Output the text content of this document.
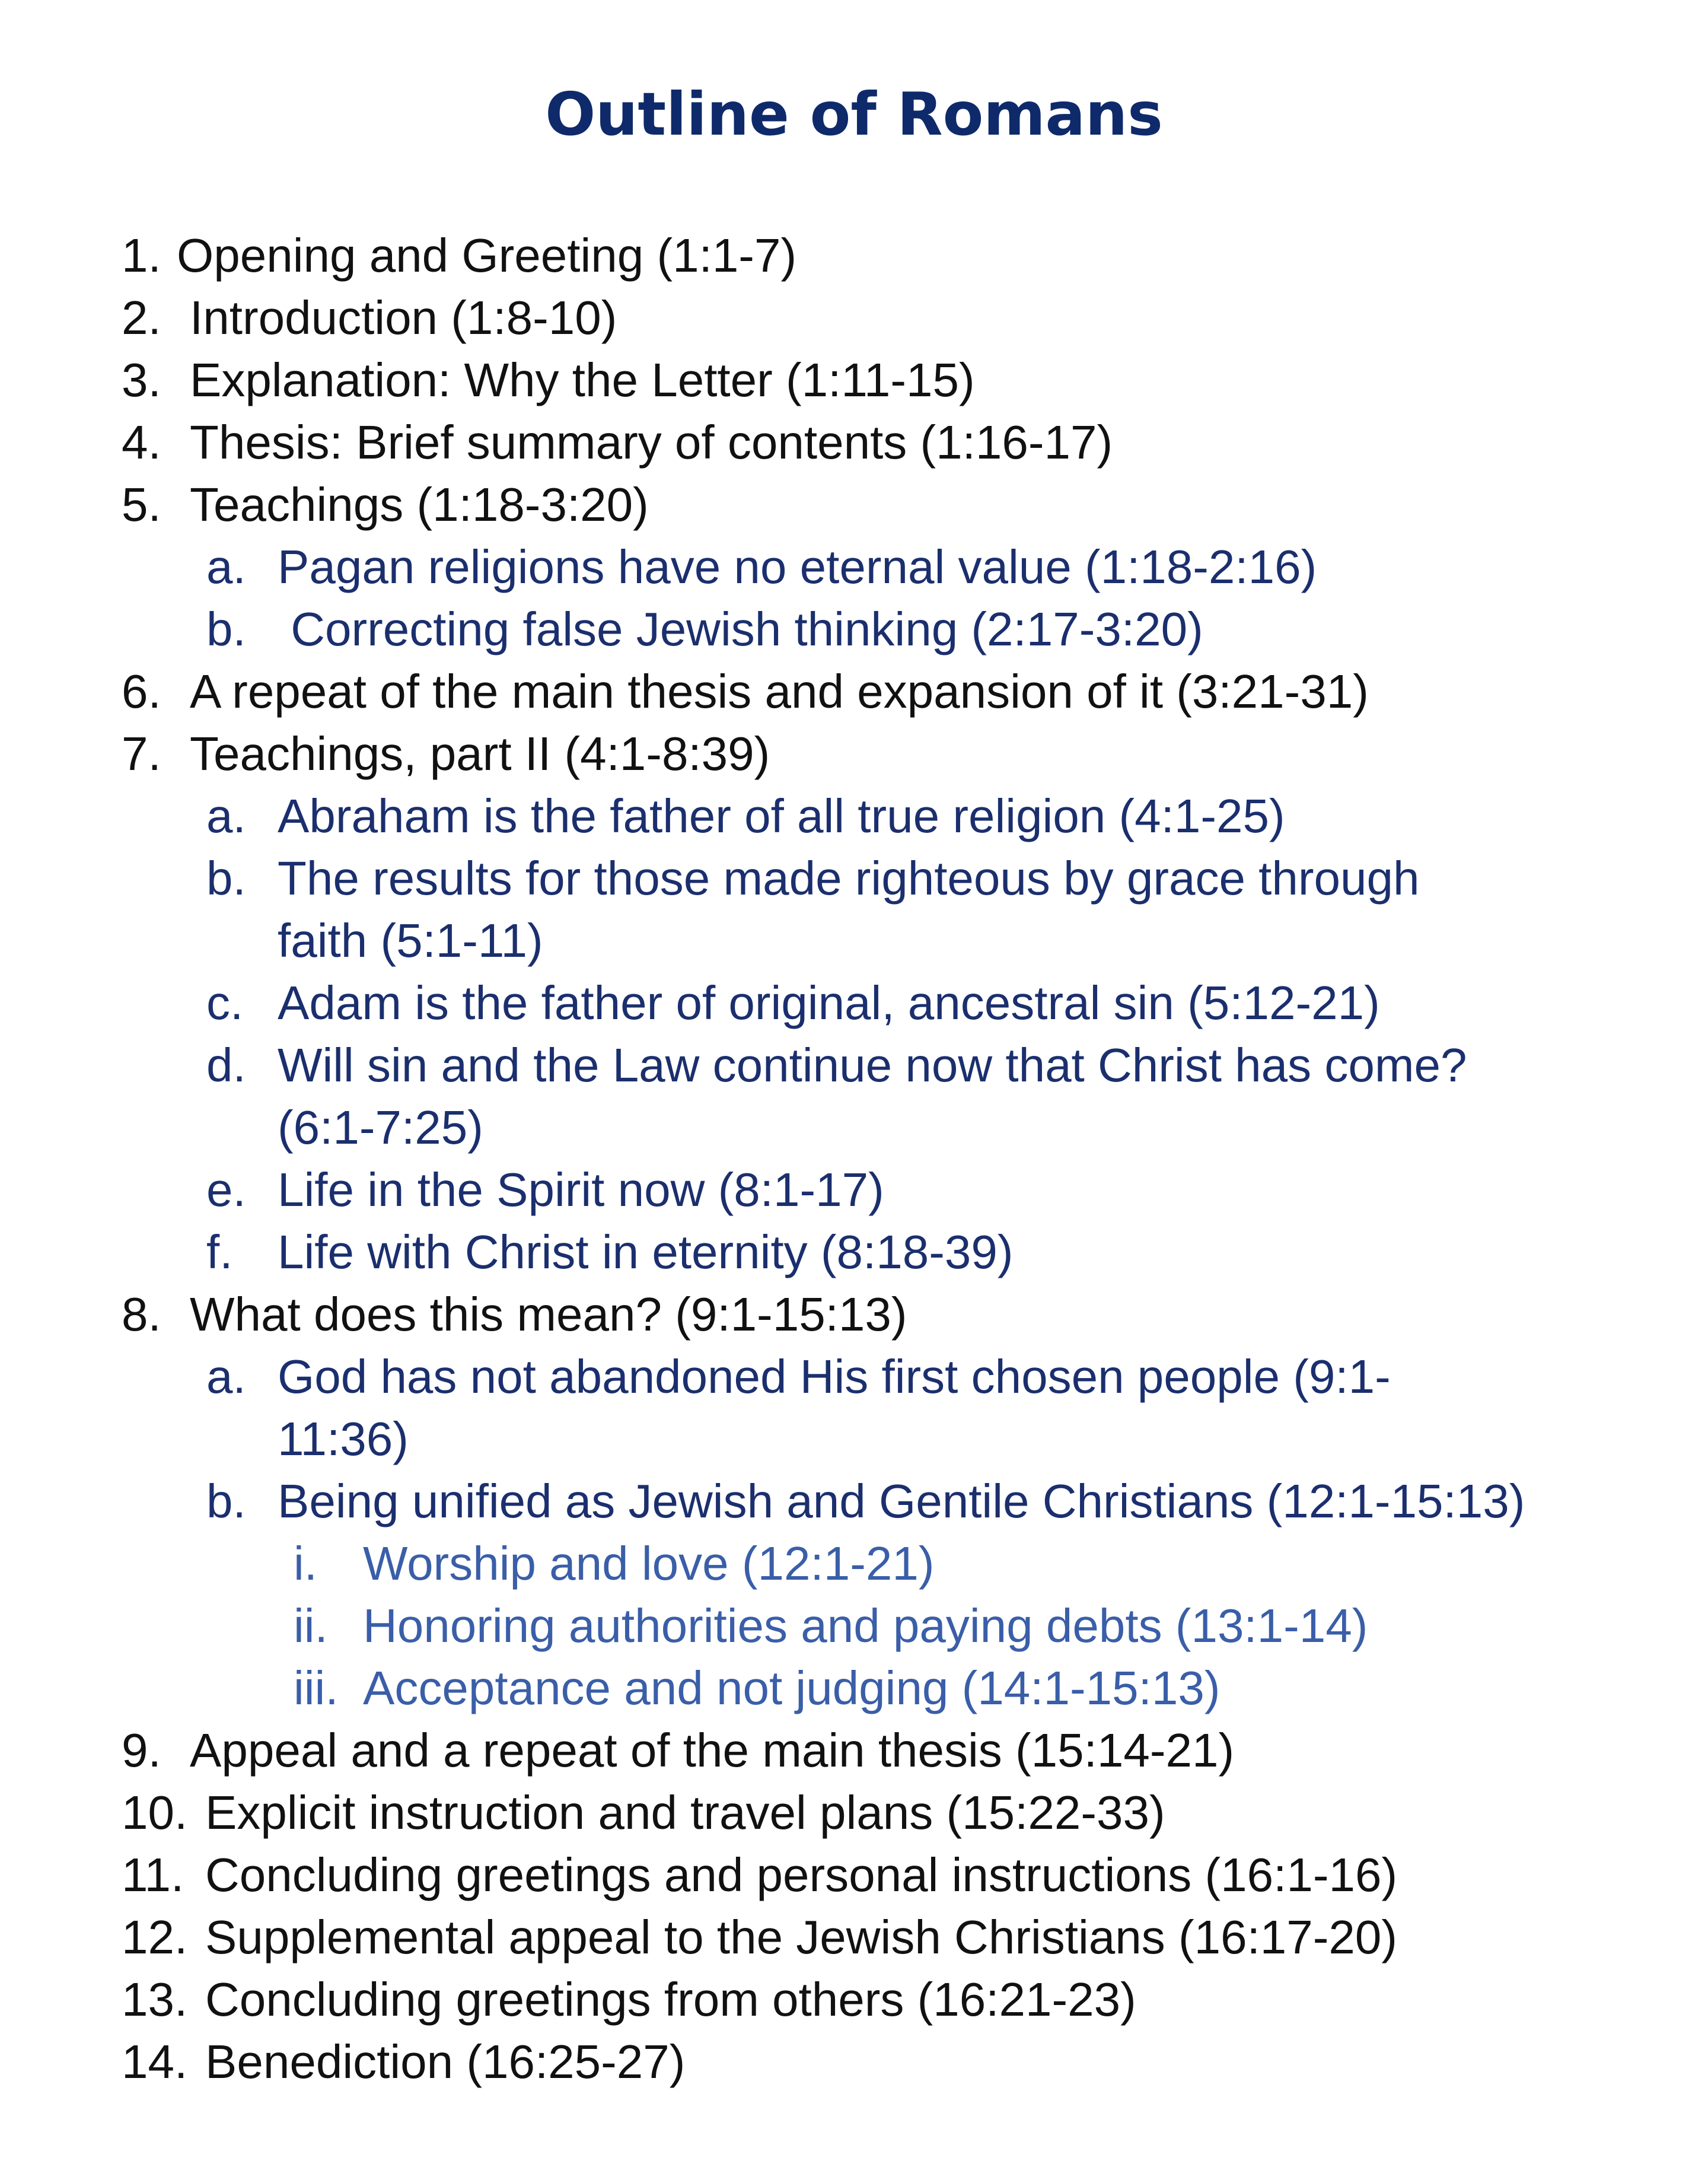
Outline of Romans
1. Opening and Greeting (1:1-7)
2. Introduction (1:8-10)
3. Explanation: Why the Letter (1:11-15)
4. Thesis: Brief summary of contents (1:16-17)
5. Teachings (1:18-3:20)
a. Pagan religions have no eternal value (1:18-2:16)
b. Correcting false Jewish thinking (2:17-3:20)
6. A repeat of the main thesis and expansion of it (3:21-31)
7. Teachings, part II (4:1-8:39)
a. Abraham is the father of all true religion (4:1-25)
b. The results for those made righteous by grace through
faith (5:1-11)
c. Adam is the father of original, ancestral sin (5:12-21)
d. Will sin and the Law continue now that Christ has come?
(6:1-7:25)
e. Life in the Spirit now (8:1-17)
f. Life with Christ in eternity (8:18-39)
8. What does this mean? (9:1-15:13)
a. God has not abandoned His first chosen people (9:1-
11:36)
b. Being unified as Jewish and Gentile Christians (12:1-15:13)
i. Worship and love (12:1-21)
ii. Honoring authorities and paying debts (13:1-14)
iii. Acceptance and not judging (14:1-15:13)
9. Appeal and a repeat of the main thesis (15:14-21)
10. Explicit instruction and travel plans (15:22-33)
11. Concluding greetings and personal instructions (16:1-16)
12. Supplemental appeal to the Jewish Christians (16:17-20)
13. Concluding greetings from others (16:21-23)
14. Benediction (16:25-27)
